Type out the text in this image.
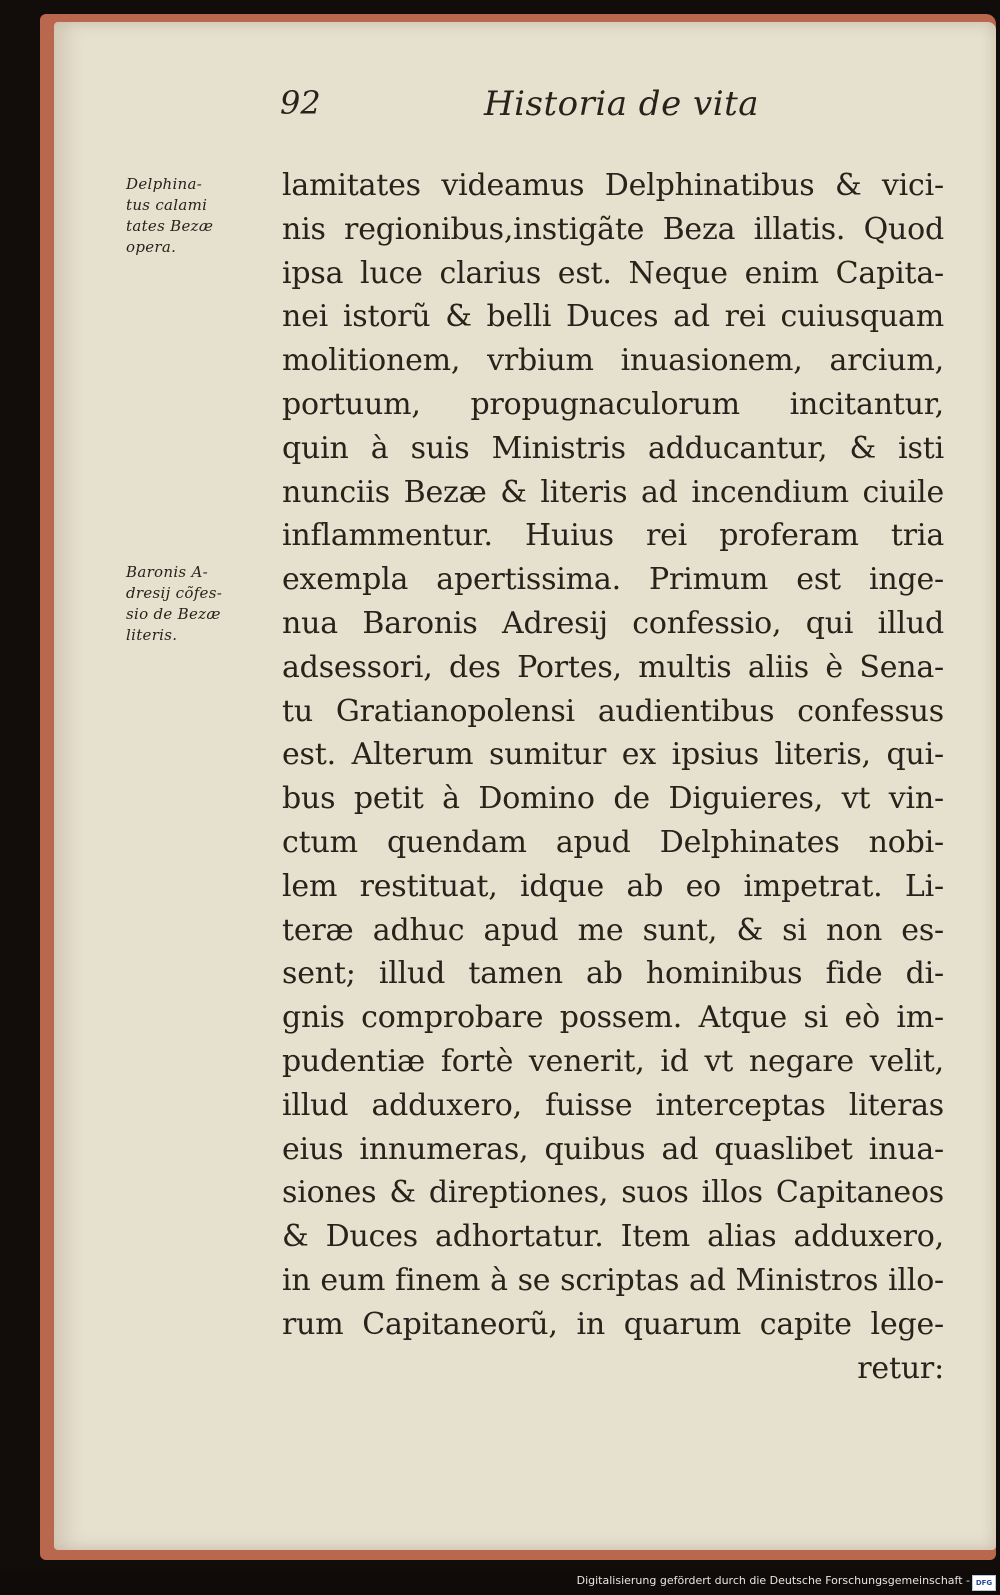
92	Historia de vita
Delphina-
tus calami
tates Bezæ
opera.
Baronis A-
dresij cõfes-
sio de Bezæ
literis.
lamitates videamus Delphinatibus & vici-
nis regionibus,instigãte Beza illatis. Quod
ipsa luce clarius est. Neque enim Capita-
nei istorũ & belli Duces ad rei cuiusquam
molitionem, vrbium inuasionem, arcium,
portuum, propugnaculorum incitantur,
quin à suis Ministris adducantur, & isti
nunciis Bezæ & literis ad incendium ciuile
inflammentur. Huius rei proferam tria
exempla apertissima. Primum est inge-
nua Baronis Adresij confessio, qui illud
adsessori, des Portes, multis aliis è Sena-
tu Gratianopolensi audientibus confessus
est. Alterum sumitur ex ipsius literis, qui-
bus petit à Domino de Diguieres, vt vin-
ctum quendam apud Delphinates nobi-
lem restituat, idque ab eo impetrat. Li-
teræ adhuc apud me sunt, & si non es-
sent; illud tamen ab hominibus fide di-
gnis comprobare possem. Atque si eò im-
pudentiæ fortè venerit, id vt negare velit,
illud adduxero, fuisse interceptas literas
eius innumeras, quibus ad quaslibet inua-
siones & direptiones, suos illos Capitaneos
& Duces adhortatur. Item alias adduxero,
in eum finem à se scriptas ad Ministros illo-
rum Capitaneorũ, in quarum capite lege-
retur:
Digitalisierung gefördert durch die Deutsche Forschungsgemeinschaft - DFG
